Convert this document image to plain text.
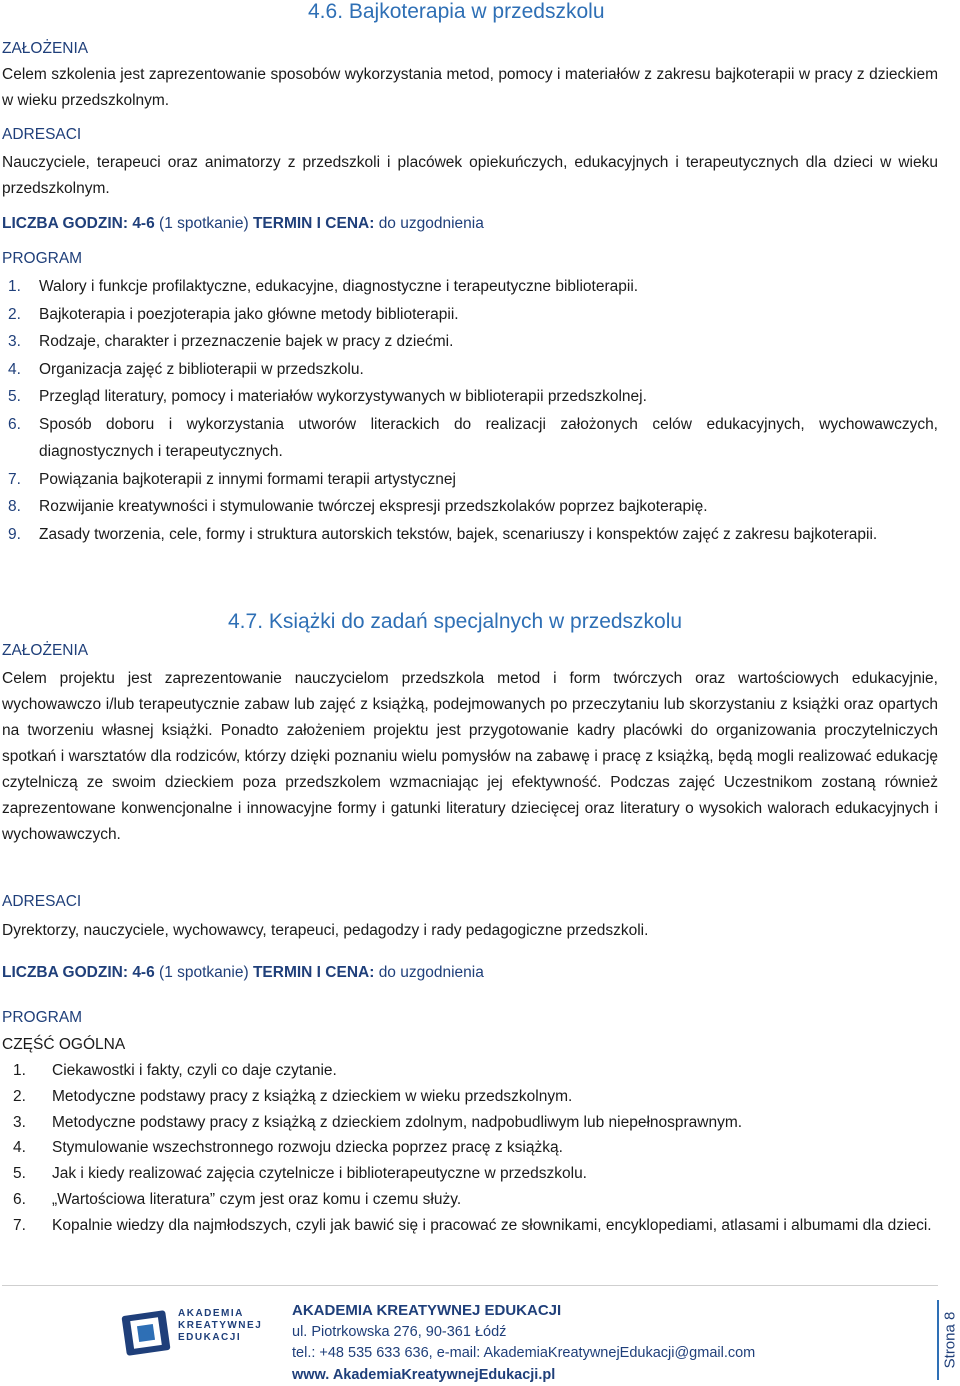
4.6. Bajkoterapia w przedszkolu
ZAŁOŻENIA
Celem szkolenia jest zaprezentowanie sposobów wykorzystania metod, pomocy i materiałów z zakresu bajkoterapii w pracy z dzieckiem w wieku przedszkolnym.
ADRESACI
Nauczyciele, terapeuci oraz animatorzy z przedszkoli i placówek opiekuńczych, edukacyjnych i terapeutycznych dla dzieci w wieku przedszkolnym.
LICZBA GODZIN: 4-6 (1 spotkanie) TERMIN I CENA: do uzgodnienia
PROGRAM
1. Walory i funkcje profilaktyczne, edukacyjne, diagnostyczne i terapeutyczne biblioterapii.
2. Bajkoterapia i poezjoterapia jako główne metody biblioterapii.
3. Rodzaje, charakter i przeznaczenie bajek w pracy z dziećmi.
4. Organizacja zajęć z biblioterapii w przedszkolu.
5. Przegląd literatury, pomocy i materiałów wykorzystywanych w biblioterapii przedszkolnej.
6. Sposób doboru i wykorzystania utworów literackich do realizacji założonych celów edukacyjnych, wychowawczych, diagnostycznych i terapeutycznych.
7. Powiązania bajkoterapii z innymi formami terapii artystycznej
8. Rozwijanie kreatywności i stymulowanie twórczej ekspresji przedszkolaków poprzez bajkoterapię.
9. Zasady tworzenia, cele, formy i struktura autorskich tekstów, bajek, scenariuszy i konspektów zajęć z zakresu bajkoterapii.
4.7. Książki do zadań specjalnych w przedszkolu
ZAŁOŻENIA
Celem projektu jest zaprezentowanie nauczycielom przedszkola metod i form twórczych oraz wartościowych edukacyjnie, wychowawczo i/lub terapeutycznie zabaw lub zajęć z książką, podejmowanych po przeczytaniu lub skorzystaniu z książki oraz opartych na tworzeniu własnej książki. Ponadto założeniem projektu jest przygotowanie kadry placówki do organizowania proczytelniczych spotkań i warsztatów dla rodziców, którzy dzięki poznaniu wielu pomysłów na zabawę i pracę z książką, będą mogli realizować edukację czytelniczą ze swoim dzieckiem poza przedszkolem wzmacniając jej efektywność. Podczas zajęć Uczestnikom zostaną również zaprezentowane konwencjonalne i innowacyjne formy i gatunki literatury dziecięcej oraz literatury o wysokich walorach edukacyjnych i wychowawczych.
ADRESACI
Dyrektorzy, nauczyciele, wychowawcy, terapeuci, pedagodzy i rady pedagogiczne przedszkoli.
LICZBA GODZIN: 4-6 (1 spotkanie) TERMIN I CENA: do uzgodnienia
PROGRAM
CZĘŚĆ OGÓLNA
1. Ciekawostki i fakty, czyli co daje czytanie.
2. Metodyczne podstawy pracy z książką z dzieckiem w wieku przedszkolnym.
3. Metodyczne podstawy pracy z książką z dzieckiem zdolnym, nadpobudliwym lub niepełnosprawnym.
4. Stymulowanie wszechstronnego rozwoju dziecka poprzez pracę z książką.
5. Jak i kiedy realizować zajęcia czytelnicze i biblioterapeutyczne w przedszkolu.
6. „Wartościowa literatura” czym jest oraz komu i czemu służy.
7. Kopalnie wiedzy dla najmłodszych, czyli jak bawić się i pracować ze słownikami, encyklopediami, atlasami i albumami dla dzieci.
AKADEMIA
KREATYWNEJ
EDUKACJI
AKADEMIA KREATYWNEJ EDUKACJI
ul. Piotrkowska 276, 90-361 Łódź
tel.: +48 535 633 636, e-mail: AkademiaKreatywnejEdukacji@gmail.com
www. AkademiaKreatywnejEdukacji.pl
Strona 8
